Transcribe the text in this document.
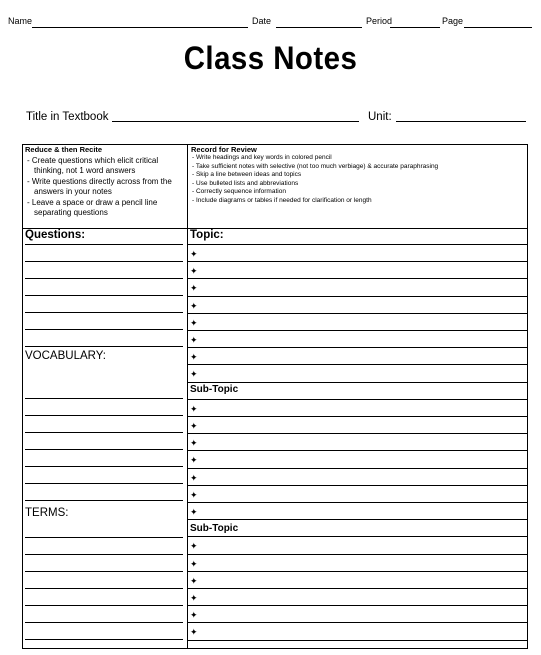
Name	Date	Period	Page
Class Notes
Title in Textbook	Unit:
Reduce & then Recite
- Create questions which elicit critical thinking, not 1 word answers
- Write questions directly across from the answers in your notes
- Leave a space or draw a pencil line separating questions
Record for Review
- Write headings and key words in colored pencil
- Take sufficient notes with selective (not too much verbiage) & accurate paraphrasing
- Skip a line between ideas and topics
- Use bulleted lists and abbreviations
- Correctly sequence information
- Include diagrams or tables if needed for clarification or length
Questions:
VOCABULARY:
TERMS:
Topic:
Sub-Topic
Sub-Topic
✦
✦
✦
✦
✦
✦
✦
✦
✦
✦
✦
✦
✦
✦
✦
✦
✦
✦
✦
✦
✦
